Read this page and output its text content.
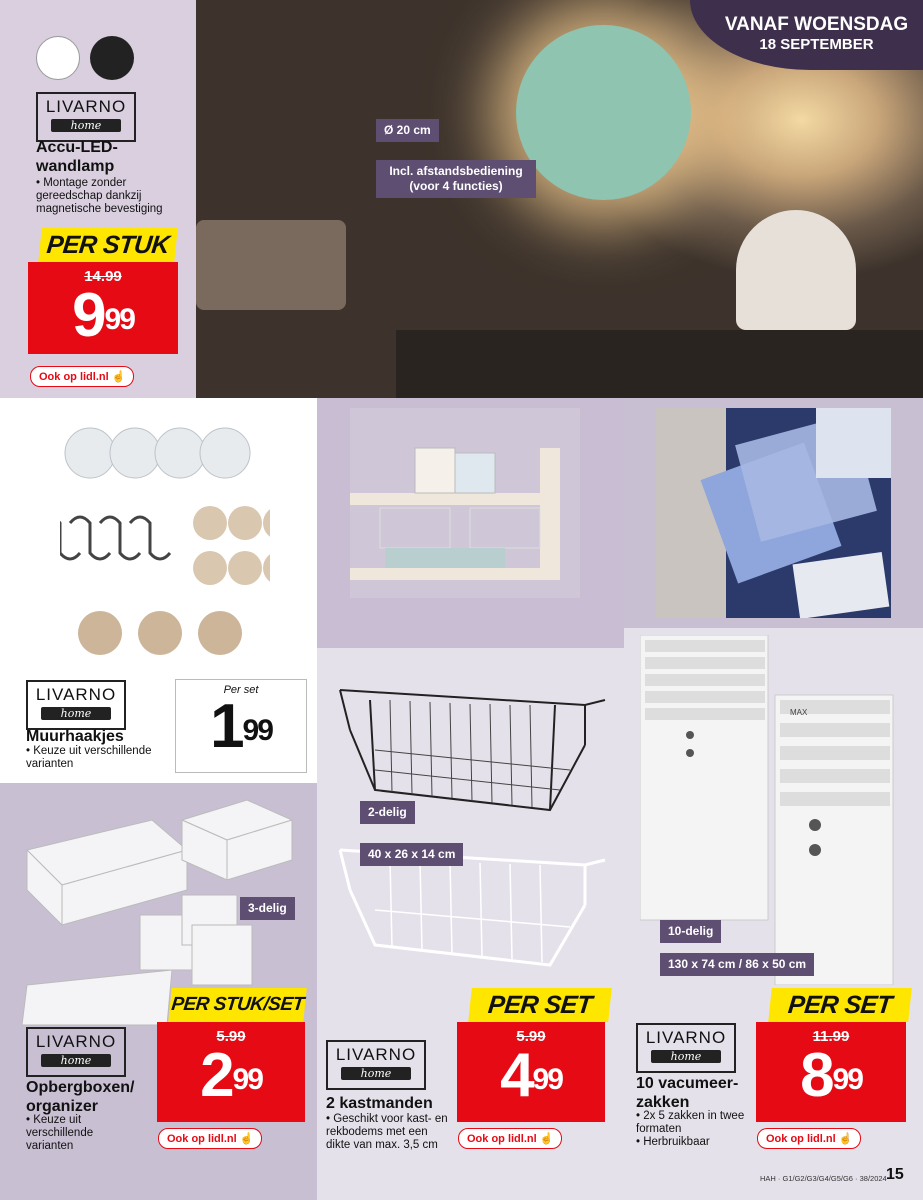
VANAF WOENSDAG
18 SEPTEMBER
LIVARNO
home
Accu-LED-
wandlamp
• Montage zonder gereedschap dankzij magnetische bevestiging
PER STUK
14.99
$9^{99}$
Ook op lidl.nl ☝
Ø 20 cm
Incl. afstandsbediening (voor 4 functies)
LIVARNO
home
Muurhaakjes
• Keuze uit verschillende varianten
Per set
$1^{99}$
3-delig
PER STUK/SET
5.99
$2^{99}$
Ook op lidl.nl ☝
LIVARNO
home
Opbergboxen/
organizer
• Keuze uit verschillende varianten
2-delig
40 x 26 x 14 cm
PER SET
5.99
$4^{99}$
Ook op lidl.nl ☝
LIVARNO
home
2 kastmanden
• Geschikt voor kast- en rekbodems met een dikte van max. 3,5 cm
MAX
10-delig
130 x 74 cm / 86 x 50 cm
PER SET
11.99
$8^{99}$
Ook op lidl.nl ☝
LIVARNO
home
10 vacumeer-
zakken
• 2x 5 zakken in twee formaten
• Herbruikbaar
HAH · G1/G2/G3/G4/G5/G6 · 38/2024 15
